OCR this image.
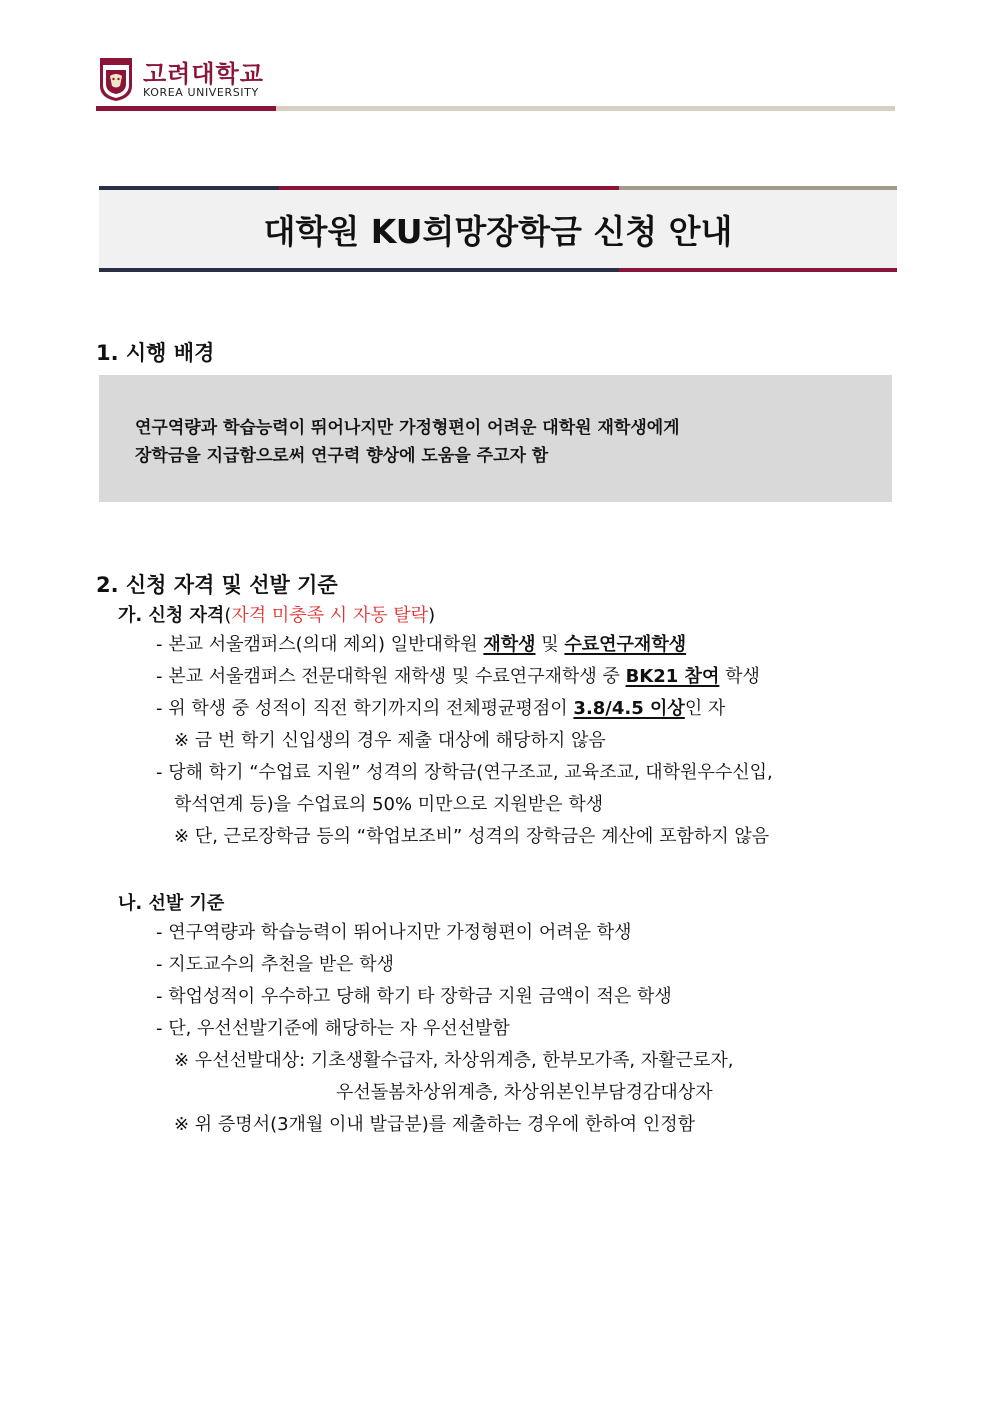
고려대학교
KOREA UNIVERSITY
대학원 KU희망장학금 신청 안내
1. 시행 배경
연구역량과 학습능력이 뛰어나지만 가정형편이 어려운 대학원 재학생에게
장학금을 지급함으로써 연구력 향상에 도움을 주고자 함
2. 신청 자격 및 선발 기준
가. 신청 자격(자격 미충족 시 자동 탈락)
- 본교 서울캠퍼스(의대 제외) 일반대학원 재학생 및 수료연구재학생
- 본교 서울캠퍼스 전문대학원 재학생 및 수료연구재학생 중 BK21 참여 학생
- 위 학생 중 성적이 직전 학기까지의 전체평균평점이 3.8/4.5 이상인 자
※ 금 번 학기 신입생의 경우 제출 대상에 해당하지 않음
- 당해 학기 “수업료 지원” 성격의 장학금(연구조교, 교육조교, 대학원우수신입,
학석연계 등)을 수업료의 50% 미만으로 지원받은 학생
※ 단, 근로장학금 등의 “학업보조비” 성격의 장학금은 계산에 포함하지 않음
나. 선발 기준
- 연구역량과 학습능력이 뛰어나지만 가정형편이 어려운 학생
- 지도교수의 추천을 받은 학생
- 학업성적이 우수하고 당해 학기 타 장학금 지원 금액이 적은 학생
- 단, 우선선발기준에 해당하는 자 우선선발함
※ 우선선발대상: 기초생활수급자, 차상위계층, 한부모가족, 자활근로자,
우선돌봄차상위계층, 차상위본인부담경감대상자
※ 위 증명서(3개월 이내 발급분)를 제출하는 경우에 한하여 인정함
